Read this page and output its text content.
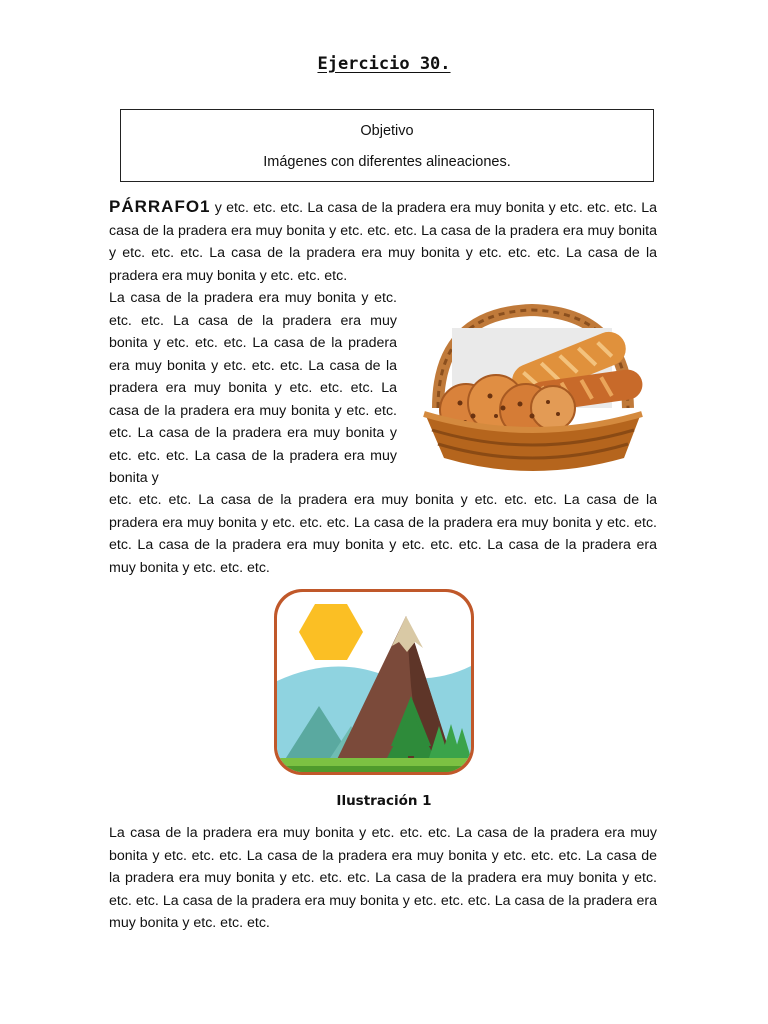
Ejercicio 30.
Objetivo
Imágenes con diferentes alineaciones.
PÁRRAFO1 y etc. etc. etc. La casa de la pradera era muy bonita y etc. etc. etc. La casa de la pradera era muy bonita y etc. etc. etc. La casa de la pradera era muy bonita y etc. etc. etc. La casa de la pradera era muy bonita y etc. etc. etc. La casa de la pradera era muy bonita y etc. etc. etc.
La casa de la pradera era muy bonita y etc. etc. etc. La casa de la pradera era muy bonita y etc. etc. etc. La casa de la pradera era muy bonita y etc. etc. etc. La casa de la pradera era muy bonita y etc. etc. etc. La casa de la pradera era muy bonita y etc. etc. etc. La casa de la pradera era muy bonita y etc. etc. etc. La casa de la pradera era muy bonita y
etc. etc. etc. La casa de la pradera era muy bonita y etc. etc. etc. La casa de la pradera era muy bonita y etc. etc. etc. La casa de la pradera era muy bonita y etc. etc. etc. La casa de la pradera era muy bonita y etc. etc. etc. La casa de la pradera era muy bonita y etc. etc. etc.
Ilustración 1
La casa de la pradera era muy bonita y etc. etc. etc. La casa de la pradera era muy bonita y etc. etc. etc. La casa de la pradera era muy bonita y etc. etc. etc. La casa de la pradera era muy bonita y etc. etc. etc. La casa de la pradera era muy bonita y etc. etc. etc. La casa de la pradera era muy bonita y etc. etc. etc. La casa de la pradera era muy bonita y etc. etc. etc.
